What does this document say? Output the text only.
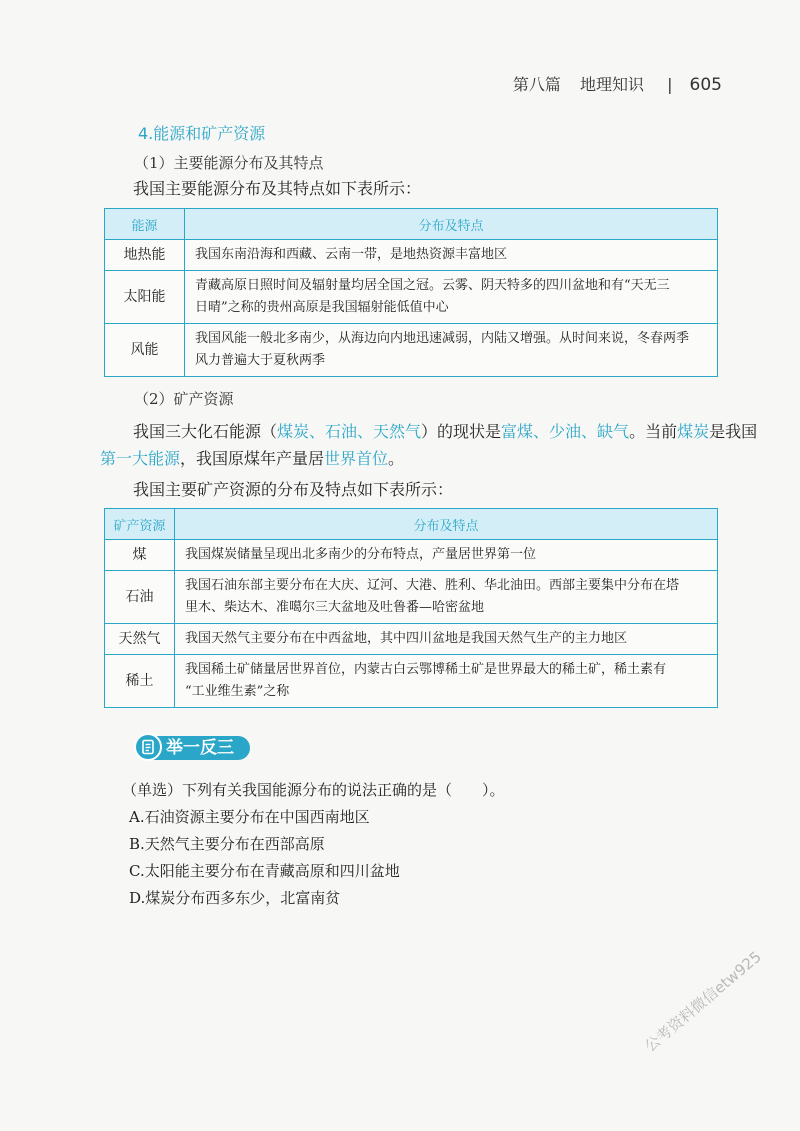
第八篇 地理知识 | 605
4.能源和矿产资源
（1）主要能源分布及其特点
我国主要能源分布及其特点如下表所示：
能源	分布及特点
地热能	我国东南沿海和西藏、云南一带，是地热资源丰富地区
太阳能	青藏高原日照时间及辐射量均居全国之冠。云雾、阴天特多的四川盆地和有“天无三
日晴”之称的贵州高原是我国辐射能低值中心

风能	我国风能一般北多南少，从海边向内地迅速减弱，内陆又增强。从时间来说，冬春两季
风力普遍大于夏秋两季
（2）矿产资源
我国三大化石能源（煤炭、石油、天然气）的现状是富煤、少油、缺气。当前煤炭是我国
第一大能源，我国原煤年产量居世界首位。
我国主要矿产资源的分布及特点如下表所示：
矿产资源	分布及特点
煤	我国煤炭储量呈现出北多南少的分布特点，产量居世界第一位
石油	我国石油东部主要分布在大庆、辽河、大港、胜利、华北油田。西部主要集中分布在塔
里木、柴达木、准噶尔三大盆地及吐鲁番—哈密盆地

天然气	我国天然气主要分布在中西盆地，其中四川盆地是我国天然气生产的主力地区
稀土	我国稀土矿储量居世界首位，内蒙古白云鄂博稀土矿是世界最大的稀土矿，稀土素有
“工业维生素”之称
举一反三
（单选）下列有关我国能源分布的说法正确的是（　　）。
A.石油资源主要分布在中国西南地区
B.天然气主要分布在西部高原
C.太阳能主要分布在青藏高原和四川盆地
D.煤炭分布西多东少，北富南贫
公考资料微信etw925
